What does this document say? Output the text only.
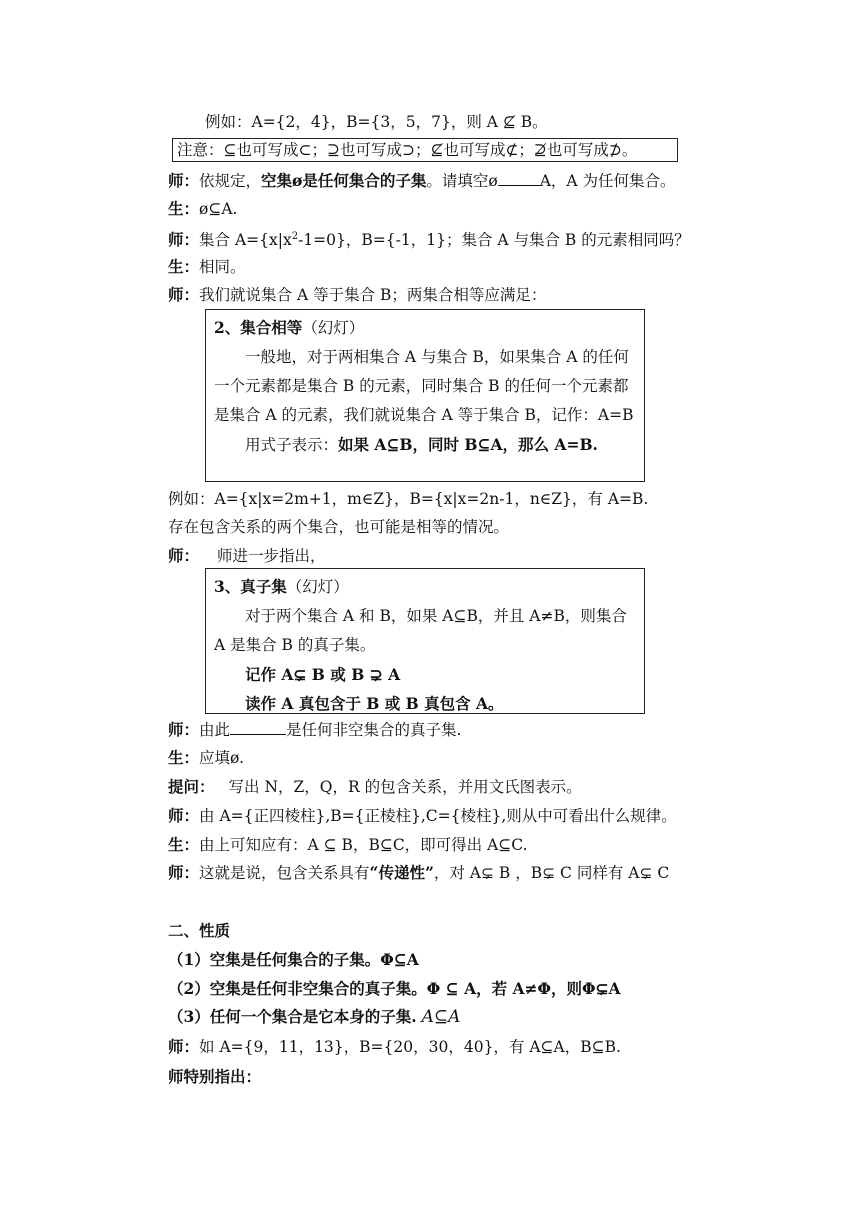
例如：A={2，4}，B={3，5，7}，则 A ⊈ B。
注意：⊆也可写成⊂；⊇也可写成⊃；⊈也可写成⊄；⊉也可写成⊅。
师：依规定，空集ø是任何集合的子集。请填空ø	A，A 为任何集合。
生：ø⊆A.
师：集合 $A=\{x|x^2-1=0\}$，B={-1，1}；集合 A 与集合 B 的元素相同吗？
生：相同。
师：我们就说集合 A 等于集合 B；两集合相等应满足：

2、集合相等（幻灯）

一般地，对于两相集合 A 与集合 B，如果集合 A 的任何一个元素都是集合 B 的元素，同时集合 B 的任何一个元素都是集合 A 的元素，我们就说集合 A 等于集合 B，记作：A=B

用式子表示：如果 A⊆B，同时 B⊆A，那么 A=B.

例如：A={x|x=2m+1，m∈Z}，B={x|x=2n-1，n∈Z}，有 A=B.
存在包含关系的两个集合，也可能是相等的情况。
师： 师进一步指出，

3、真子集（幻灯）

对于两个集合 A 和 B，如果 A⊆B，并且 A≠B，则集合 A 是集合 B 的真子集。

记作 A⊊ B 或 B ⊋ A

读作 A 真包含于 B 或 B 真包含 A。

师：由此	是任何非空集合的真子集.
生：应填ø.
提问： 写出 N，Z，Q，R 的包含关系，并用文氏图表示。
师：由 A={正四棱柱},B={正棱柱},C={棱柱},则从中可看出什么规律。
生：由上可知应有：A ⊆ B，B⊆C，即可得出 A⊆C.
师：这就是说，包含关系具有“传递性”，对 A⊊ B ，B⊊ C 同样有 A⊊ C
二、性质
（1）空集是任何集合的子集。Φ⊆A
（2）空集是任何非空集合的真子集。Φ ⊆ A，若 A≠Φ，则Φ⊊A
（3）任何一个集合是它本身的子集. A⊆A
师：如 A={9，11，13}，B={20，30，40}，有 A⊆A，B⊆B.
师特别指出：
